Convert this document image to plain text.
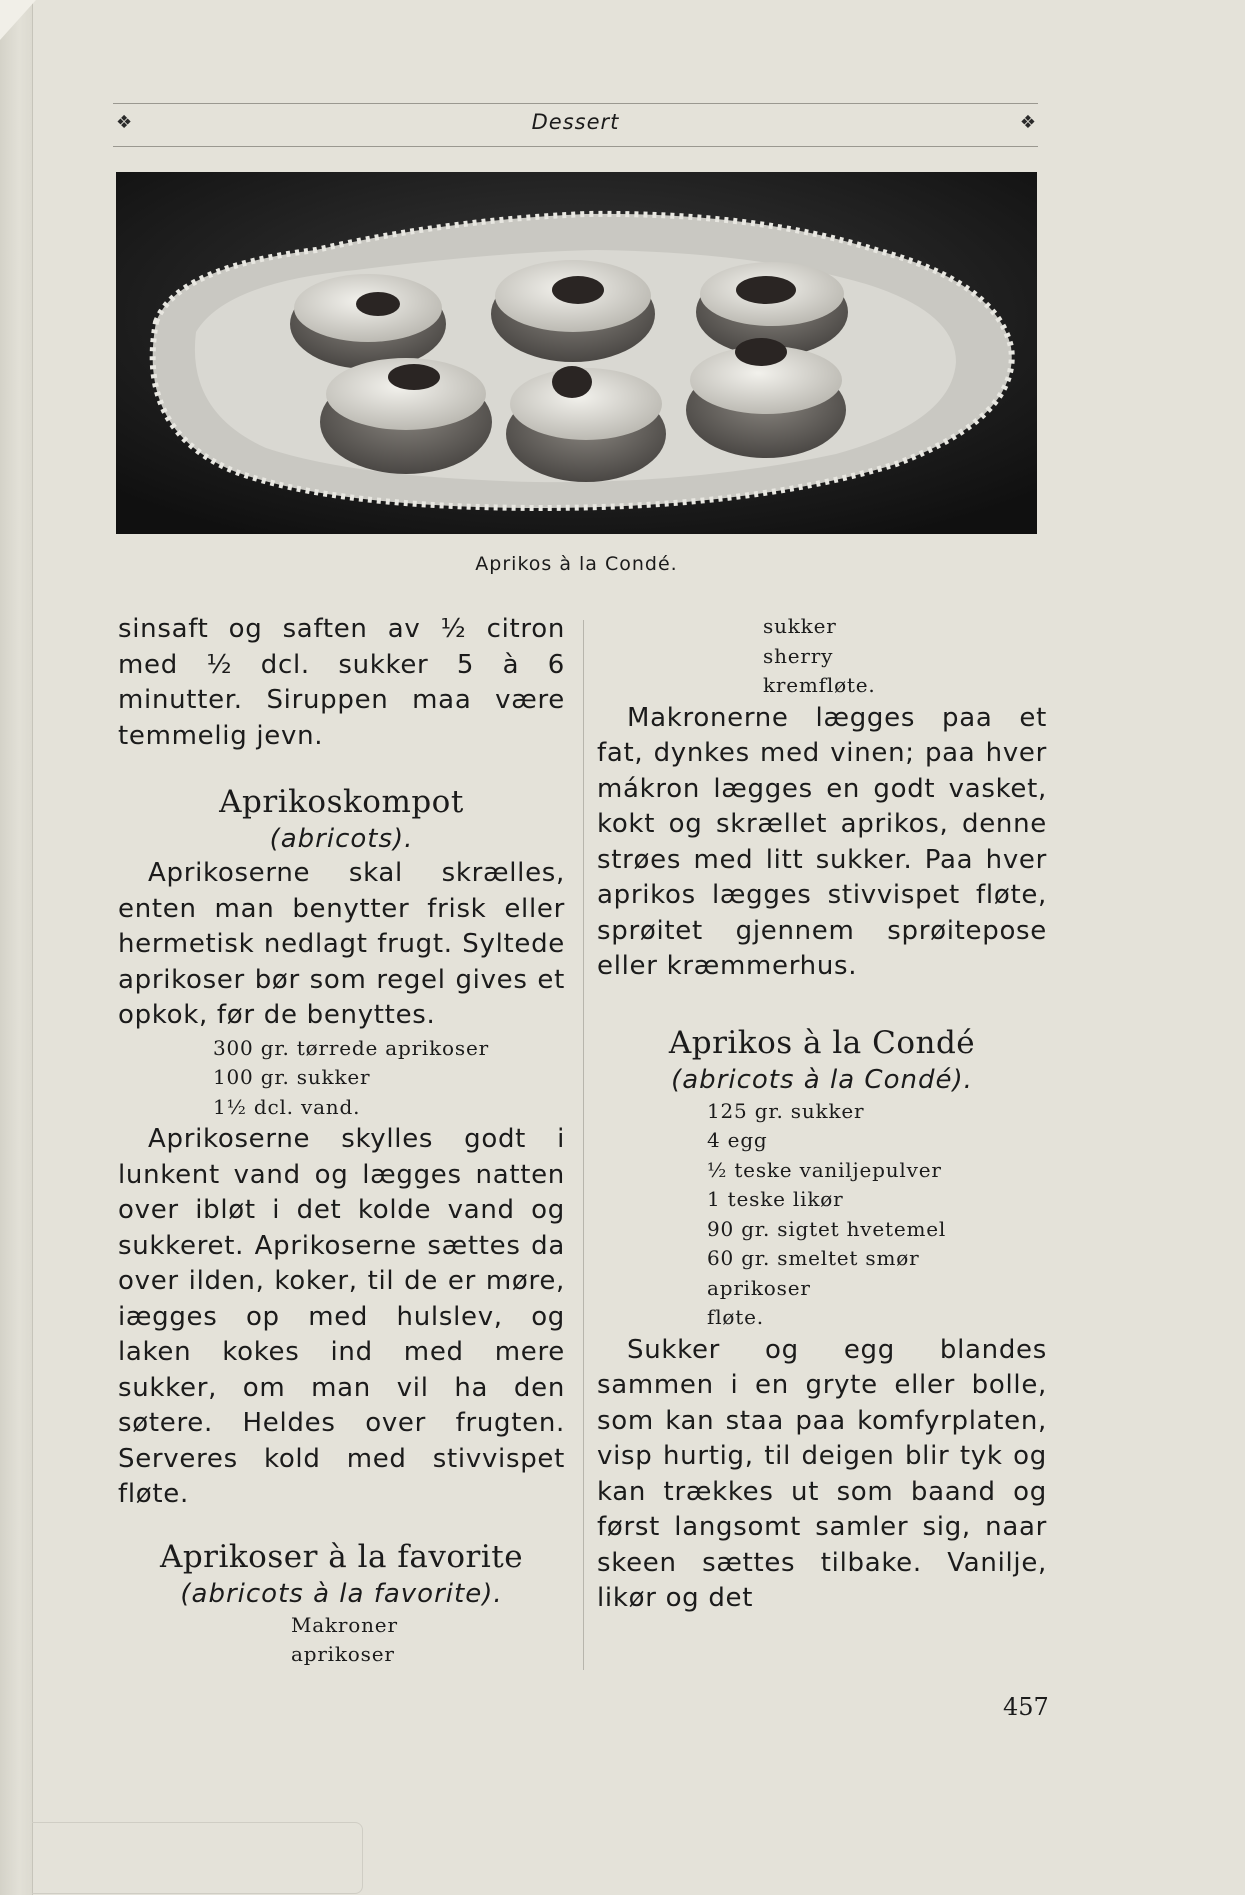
❖	Dessert	❖
Aprikos à la Condé.

sinsaft og saften av ½ citron med ½ dcl. sukker 5 à 6 minutter. Siruppen maa være temmelig jevn.

Aprikoskompot

(abricots).

Aprikoserne skal skrælles, enten man benytter frisk eller hermetisk nedlagt frugt. Syltede aprikoser bør som regel gives et opkok, før de benyttes.

300 gr. tørrede aprikoser
100 gr. sukker
1½ dcl. vand.

Aprikoserne skylles godt i lunkent vand og lægges natten over ibløt i det kolde vand og sukkeret. Aprikoserne sættes da over ilden, koker, til de er møre, iægges op med hulslev, og laken kokes ind med mere sukker, om man vil ha den søtere. Heldes over frugten. Serveres kold med stivvispet fløte.

Aprikoser à la favorite

(abricots à la favorite).

Makroner
aprikoser
sukker
sherry
kremfløte.

Makronerne lægges paa et fat, dynkes med vinen; paa hver mákron lægges en godt vasket, kokt og skrællet aprikos, denne strøes med litt sukker. Paa hver aprikos lægges stivvispet fløte, sprøitet gjennem sprøitepose eller kræmmerhus.

Aprikos à la Condé

(abricots à la Condé).

125 gr. sukker
4 egg
½ teske vaniljepulver
1 teske likør
90 gr. sigtet hvetemel
60 gr. smeltet smør
aprikoser
fløte.

Sukker og egg blandes sammen i en gryte eller bolle, som kan staa paa komfyrplaten, visp hurtig, til deigen blir tyk og kan trækkes ut som baand og først langsomt samler sig, naar skeen sættes tilbake. Vanilje, likør og det

457
